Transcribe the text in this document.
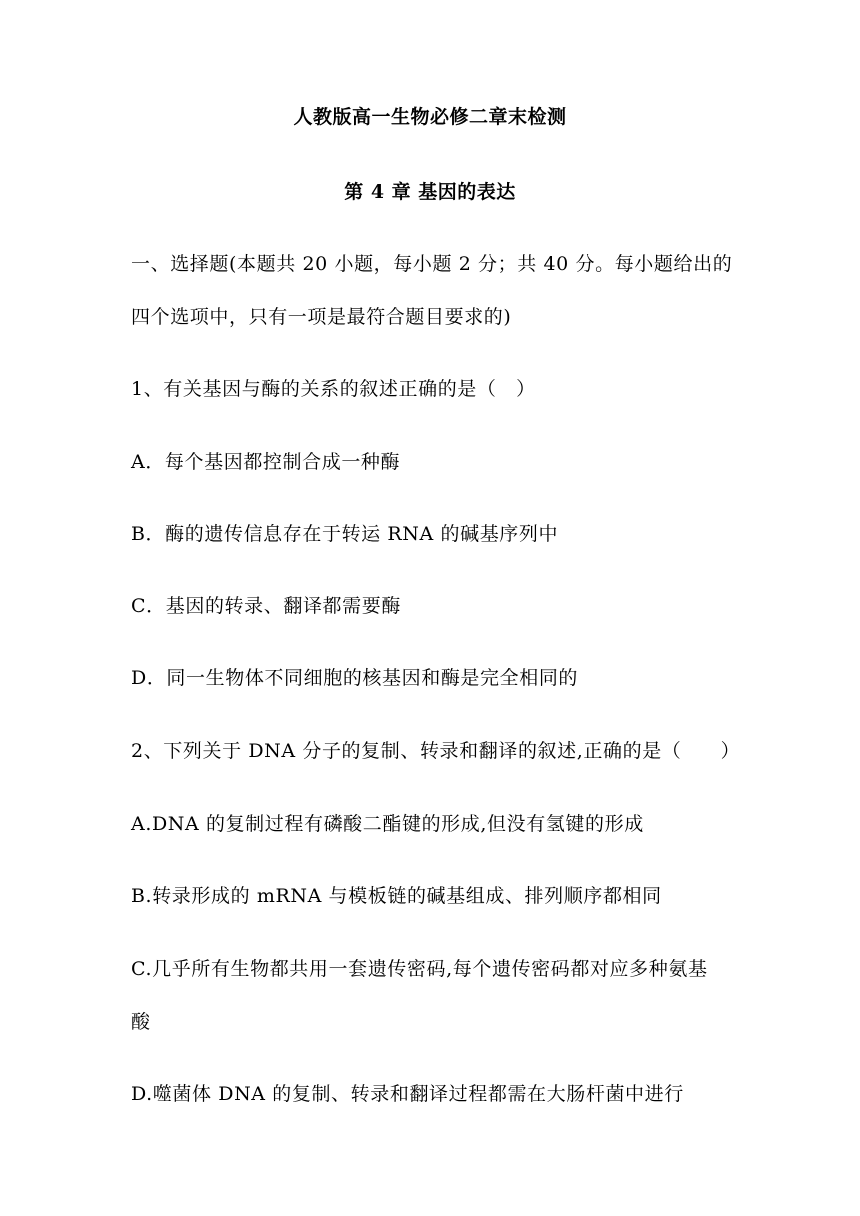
人教版高一生物必修二章末检测
第 4 章 基因的表达
一、选择题(本题共 20 小题，每小题 2 分；共 40 分。每小题给出的
四个选项中，只有一项是最符合题目要求的)
1、有关基因与酶的关系的叙述正确的是（　）
A．每个基因都控制合成一种酶
B．酶的遗传信息存在于转运 RNA 的碱基序列中
C．基因的转录、翻译都需要酶
D．同一生物体不同细胞的核基因和酶是完全相同的
2、下列关于 DNA 分子的复制、转录和翻译的叙述,正确的是（　　）
A.DNA 的复制过程有磷酸二酯键的形成,但没有氢键的形成
B.转录形成的 mRNA 与模板链的碱基组成、排列顺序都相同
C.几乎所有生物都共用一套遗传密码,每个遗传密码都对应多种氨基
酸
D.噬菌体 DNA 的复制、转录和翻译过程都需在大肠杆菌中进行
